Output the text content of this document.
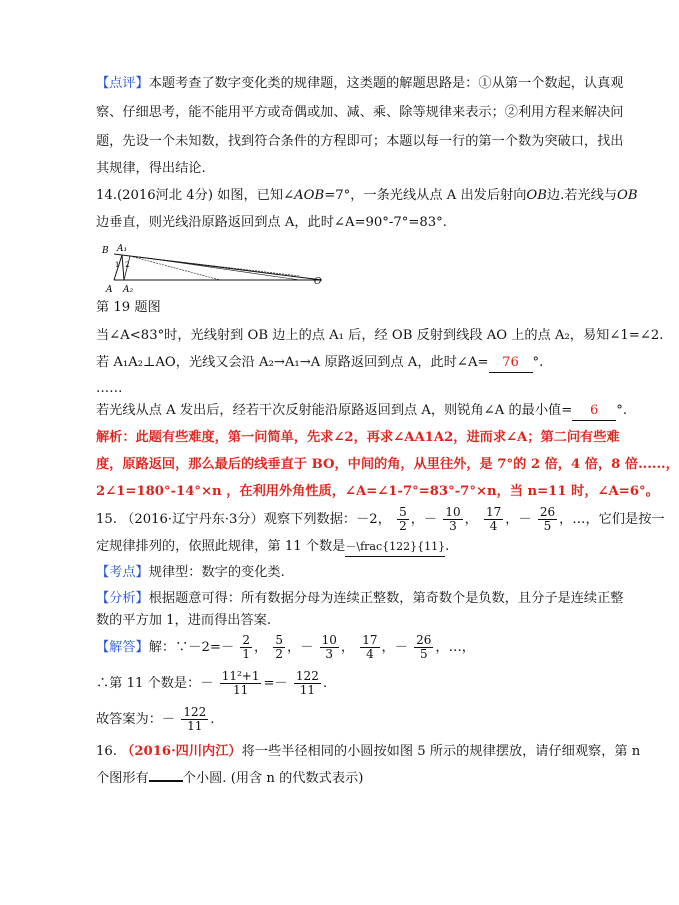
【点评】本题考查了数字变化类的规律题，这类题的解题思路是：①从第一个数起，认真观
察、仔细思考，能不能用平方或奇偶或加、减、乘、除等规律来表示；②利用方程来解决问
题，先设一个未知数，找到符合条件的方程即可；本题以每一行的第一个数为突破口，找出
其规律，得出结论.
14.(2016河北 4分) 如图，已知∠AOB=7°，一条光线从点 A 出发后射向OB边.若光线与OB
边垂直，则光线沿原路返回到点 A，此时∠A=90°-7°=83°.
B A₁
A₂
A
O
1 2
第 19 题图
当∠A<83°时，光线射到 OB 边上的点 A₁ 后，经 OB 反射到线段 AO 上的点 A₂，易知∠1=∠2.
若 A₁A₂⊥AO，光线又会沿 A₂→A₁→A 原路返回到点 A，此时∠A= 76 °.
……
若光线从点 A 发出后，经若干次反射能沿原路返回到点 A，则锐角∠A 的最小值= 6 °.
解析：此题有些难度，第一问简单，先求∠2，再求∠AA1A2，进而求∠A；第二问有些难
度，原路返回，那么最后的线垂直于 BO，中间的角，从里往外，是 7°的 2 倍，4 倍，8 倍......，
2∠1=180°-14°×n ，在利用外角性质，∠A=∠1-7°=83°-7°×n，当 n=11 时，∠A=6°。
15. （2016·辽宁丹东·3分）观察下列数据：－2， $\frac{5}{2}$ ，－ $\frac{10}{3}$ ， $\frac{17}{4}$ ，－ $\frac{26}{5}$ ，…，它们是按一
定规律排列的，依照此规律，第 11 个数是－\frac{122}{11}.
【考点】规律型：数字的变化类.
【分析】根据题意可得：所有数据分母为连续正整数，第奇数个是负数，且分子是连续正整
数的平方加 1，进而得出答案.
【解答】解：∵－2=－ $\frac{2}{1}$ ， $\frac{5}{2}$ ，－ $\frac{10}{3}$ ， $\frac{17}{4}$ ，－ $\frac{26}{5}$ ，…，
∴第 11 个数是：－ $\frac{\text{11²+1}}{11} =- \frac{122}{11}$ .
故答案为：－ $\frac{122}{11}$ .
16. （2016·四川内江）将一些半径相同的小圆按如图 5 所示的规律摆放，请仔细观察，第 n
个图形有	个小圆. (用含 n 的代数式表示)
